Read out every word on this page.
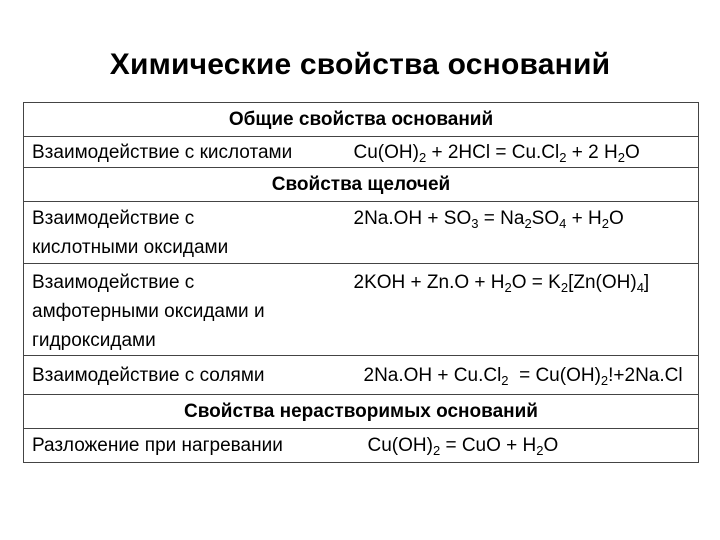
Химические свойства оснований
Общие свойства оснований	
Взаимодействие с кислотами	$Cu(OH)_2 + 2HCl = Cu.Cl_2 + 2$ $H_2O$
Свойства щелочей	

Взаимодействие с
кислотными оксидами	$2Na.OH + SO_3 = Na_2SO_4 + H_2O$

Взаимодействие с
амфотерными оксидами и
гидроксидами	$2KOH + Zn.O + H_2O = K_2[Zn(OH)_4]$
Взаимодействие с солями	$2Na.OH + Cu.Cl_2 = Cu(OH)_2!+2Na.Cl$
Свойства нерастворимых оснований	
Разложение при нагревании	$Cu(OH)_2$ = CuO + $H_2O$
